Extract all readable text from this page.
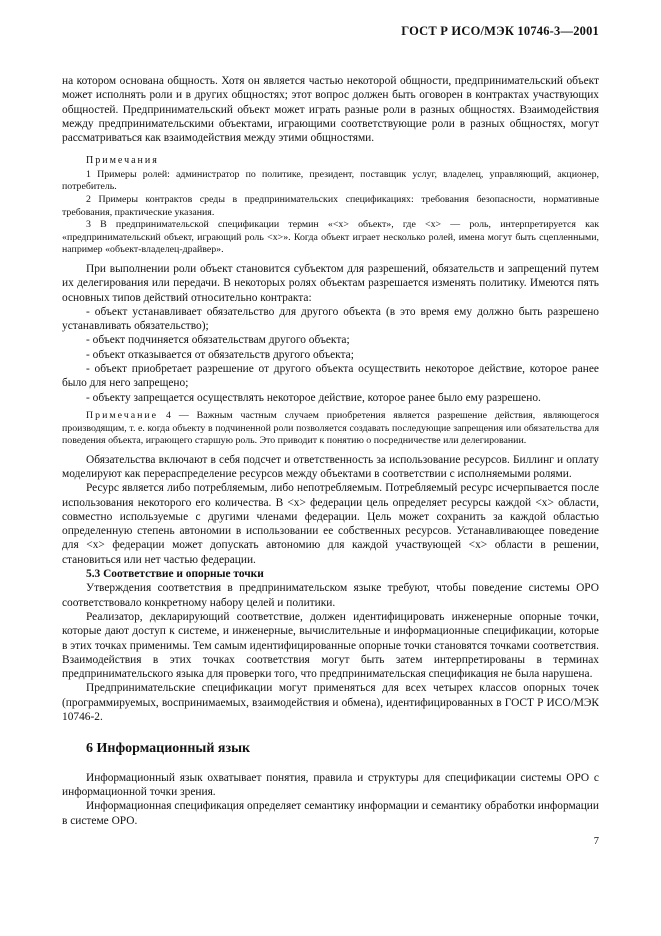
ГОСТ Р ИСО/МЭК 10746-3—2001

на котором основана общность. Хотя он является частью некоторой общности, предпринимательский объект может исполнять роли и в других общностях; этот вопрос должен быть оговорен в контрактах участвующих общностей. Предпринимательский объект может играть разные роли в разных общностях. Взаимодействия между предпринимательскими объектами, играющими соответствующие роли в разных общностях, могут рассматриваться как взаимодействия между этими общностями.

Примечания

1 Примеры ролей: администратор по политике, президент, поставщик услуг, владелец, управляющий, акционер, потребитель.

2 Примеры контрактов среды в предпринимательских спецификациях: требования безопасности, нормативные требования, практические указания.

3 В предпринимательской спецификации термин «<x> объект», где <x> — роль, интерпретируется как «предпринимательский объект, играющий роль <x>». Когда объект играет несколько ролей, имена могут быть сцепленными, например «объект-владелец-драйвер».

При выполнении роли объект становится субъектом для разрешений, обязательств и запрещений путем их делегирования или передачи. В некоторых ролях объектам разрешается изменять политику. Имеются пять основных типов действий относительно контракта:

- объект устанавливает обязательство для другого объекта (в это время ему должно быть разрешено устанавливать обязательство);

- объект подчиняется обязательствам другого объекта;

- объект отказывается от обязательств другого объекта;

- объект приобретает разрешение от другого объекта осуществить некоторое действие, которое ранее было для него запрещено;

- объекту запрещается осуществлять некоторое действие, которое ранее было ему разрешено.

Примечание 4 — Важным частным случаем приобретения является разрешение действия, являющегося производящим, т. е. когда объекту в подчиненной роли позволяется создавать последующие запрещения или обязательства для поведения объекта, играющего старшую роль. Это приводит к понятию о посредничестве или делегировании.

Обязательства включают в себя подсчет и ответственность за использование ресурсов. Биллинг и оплату моделируют как перераспределение ресурсов между объектами в соответствии с исполняемыми ролями.

Ресурс является либо потребляемым, либо непотребляемым. Потребляемый ресурс исчерпывается после использования некоторого его количества. В <x> федерации цель определяет ресурсы каждой <x> области, совместно используемые с другими членами федерации. Цель может сохранить за каждой областью определенную степень автономии в использовании ее собственных ресурсов. Устанавливающее поведение для <x> федерации может допускать автономию для каждой участвующей <x> области в решении, становиться или нет частью федерации.

5.3 Соответствие и опорные точки

Утверждения соответствия в предпринимательском языке требуют, чтобы поведение системы ОРО соответствовало конкретному набору целей и политики.

Реализатор, декларирующий соответствие, должен идентифицировать инженерные опорные точки, которые дают доступ к системе, и инженерные, вычислительные и информационные спецификации, которые в этих точках применимы. Тем самым идентифицированные опорные точки становятся точками соответствия. Взаимодействия в этих точках соответствия могут быть затем интерпретированы в терминах предпринимательского языка для проверки того, что предпринимательская спецификация не была нарушена.

Предпринимательские спецификации могут применяться для всех четырех классов опорных точек (программируемых, воспринимаемых, взаимодействия и обмена), идентифицированных в ГОСТ Р ИСО/МЭК 10746-2.

6 Информационный язык

Информационный язык охватывает понятия, правила и структуры для спецификации системы ОРО с информационной точки зрения.

Информационная спецификация определяет семантику информации и семантику обработки информации в системе ОРО.

7
